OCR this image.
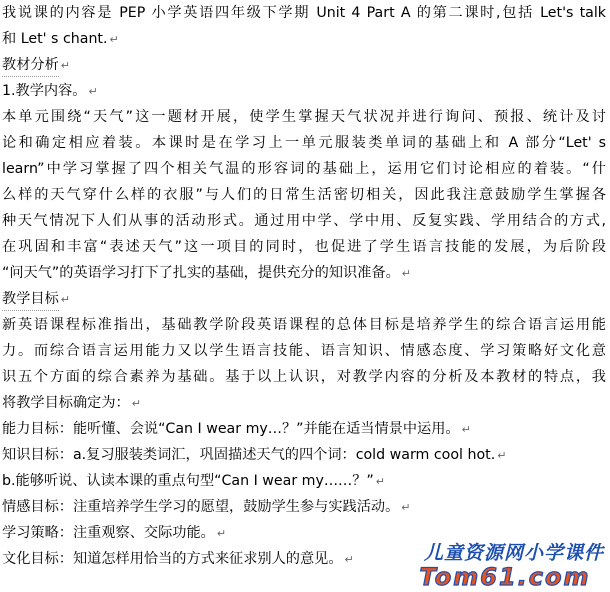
我说课的内容是 PEP 小学英语四年级下学期 Unit 4 Part A 的第二课时,包括 Let's talk
和 Let' s chant. ↵
教材分析 ↵
1.教学内容。 ↵
本单元围绕“天气”这一题材开展，使学生掌握天气状况并进行询问、预报、统计及讨
论和确定相应着装。本课时是在学习上一单元服装类单词的基础上和 A 部分“Let' s
learn”中学习掌握了四个相关气温的形容词的基础上，运用它们讨论相应的着装。“什
么样的天气穿什么样的衣服”与人们的日常生活密切相关，因此我注意鼓励学生掌握各
种天气情况下人们从事的活动形式。通过用中学、学中用、反复实践、学用结合的方式,
在巩固和丰富“表述天气”这一项目的同时，也促进了学生语言技能的发展，为后阶段
“问天气”的英语学习打下了扎实的基础，提供充分的知识准备。 ↵
教学目标 ↵
新英语课程标准指出，基础教学阶段英语课程的总体目标是培养学生的综合语言运用能
力。而综合语言运用能力又以学生语言技能、语言知识、情感态度、学习策略好文化意
识五个方面的综合素养为基础。基于以上认识，对教学内容的分析及本教材的特点，我
将教学目标确定为： ↵
能力目标：能听懂、会说“Can I wear my…？”并能在适当情景中运用。 ↵
知识目标：a.复习服装类词汇，巩固描述天气的四个词：cold warm cool hot. ↵
b.能够听说、认读本课的重点句型“Can I wear my……？” ↵
情感目标：注重培养学生学习的愿望，鼓励学生参与实践活动。 ↵
学习策略：注重观察、交际功能。 ↵
文化目标：知道怎样用恰当的方式来征求别人的意见。 ↵	儿童资源网小学课件
Tom61.com
